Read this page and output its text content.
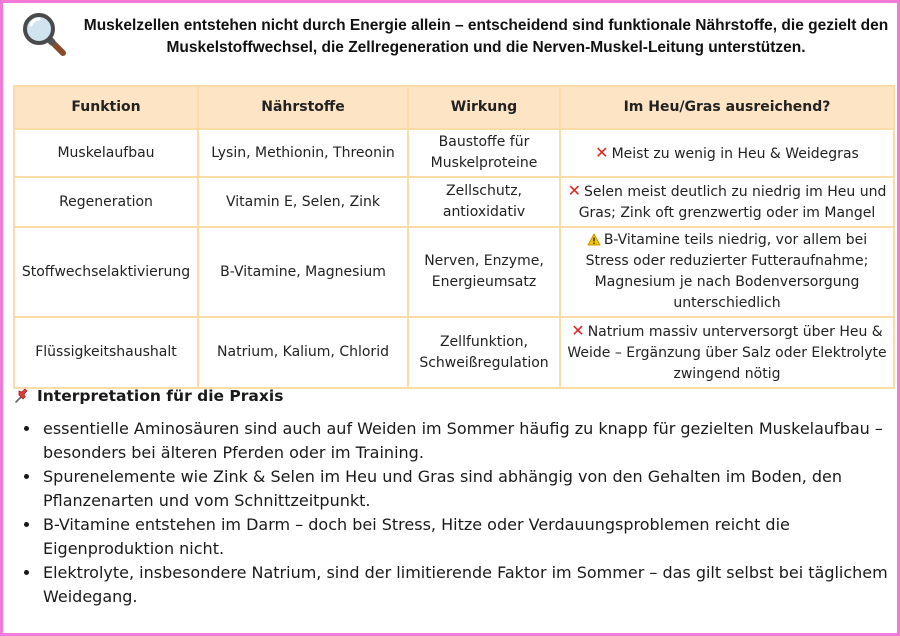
Muskelzellen entstehen nicht durch Energie allein – entscheidend sind funktionale Nährstoffe, die gezielt den Muskelstoffwechsel, die Zellregeneration und die Nerven-Muskel-Leitung unterstützen.
Funktion	Nährstoffe	Wirkung	Im Heu/Gras ausreichend?
Muskelaufbau	Lysin, Methionin, Threonin	Baustoffe für Muskelproteine	✕ Meist zu wenig in Heu & Weidegras
Regeneration	Vitamin E, Selen, Zink	Zellschutz, antioxidativ	✕ Selen meist deutlich zu niedrig im Heu und Gras; Zink oft grenzwertig oder im Mangel
Stoffwechselaktivierung	B-Vitamine, Magnesium	Nerven, Enzyme, Energieumsatz	B-Vitamine teils niedrig, vor allem bei Stress oder reduzierter Futteraufnahme; Magnesium je nach Bodenversorgung unterschiedlich
Flüssigkeitshaushalt	Natrium, Kalium, Chlorid	Zellfunktion, Schweißregulation	✕ Natrium massiv unterversorgt über Heu & Weide – Ergänzung über Salz oder Elektrolyte zwingend nötig
Interpretation für die Praxis
• essentielle Aminosäuren sind auch auf Weiden im Sommer häufig zu knapp für gezielten Muskelaufbau – besonders bei älteren Pferden oder im Training.
• Spurenelemente wie Zink & Selen im Heu und Gras sind abhängig von den Gehalten im Boden, den Pflanzenarten und vom Schnittzeitpunkt.
• B-Vitamine entstehen im Darm – doch bei Stress, Hitze oder Verdauungsproblemen reicht die Eigenproduktion nicht.
• Elektrolyte, insbesondere Natrium, sind der limitierende Faktor im Sommer – das gilt selbst bei täglichem Weidegang.
